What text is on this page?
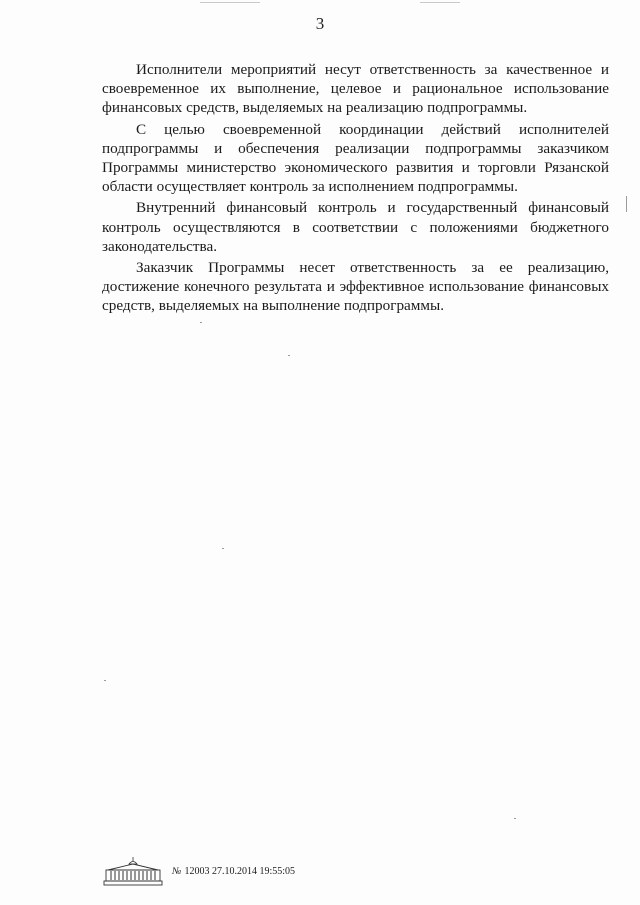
3

Исполнители мероприятий несут ответственность за качественное и своевременное их выполнение, целевое и рациональное использование финансовых средств, выделяемых на реализацию подпрограммы.

С целью своевременной координации действий исполнителей подпрограммы и обеспечения реализации подпрограммы заказчиком Программы министерство экономического развития и торговли Рязанской области осуществляет контроль за исполнением подпрограммы.

Внутренний финансовый контроль и государственный финансовый контроль осуществляются в соответствии с положениями бюджетного законодательства.

Заказчик Программы несет ответственность за ее реализацию, достижение конечного результата и эффективное использование финансовых средств, выделяемых на выполнение подпрограммы.

№ 12003 27.10.2014 19:55:05
